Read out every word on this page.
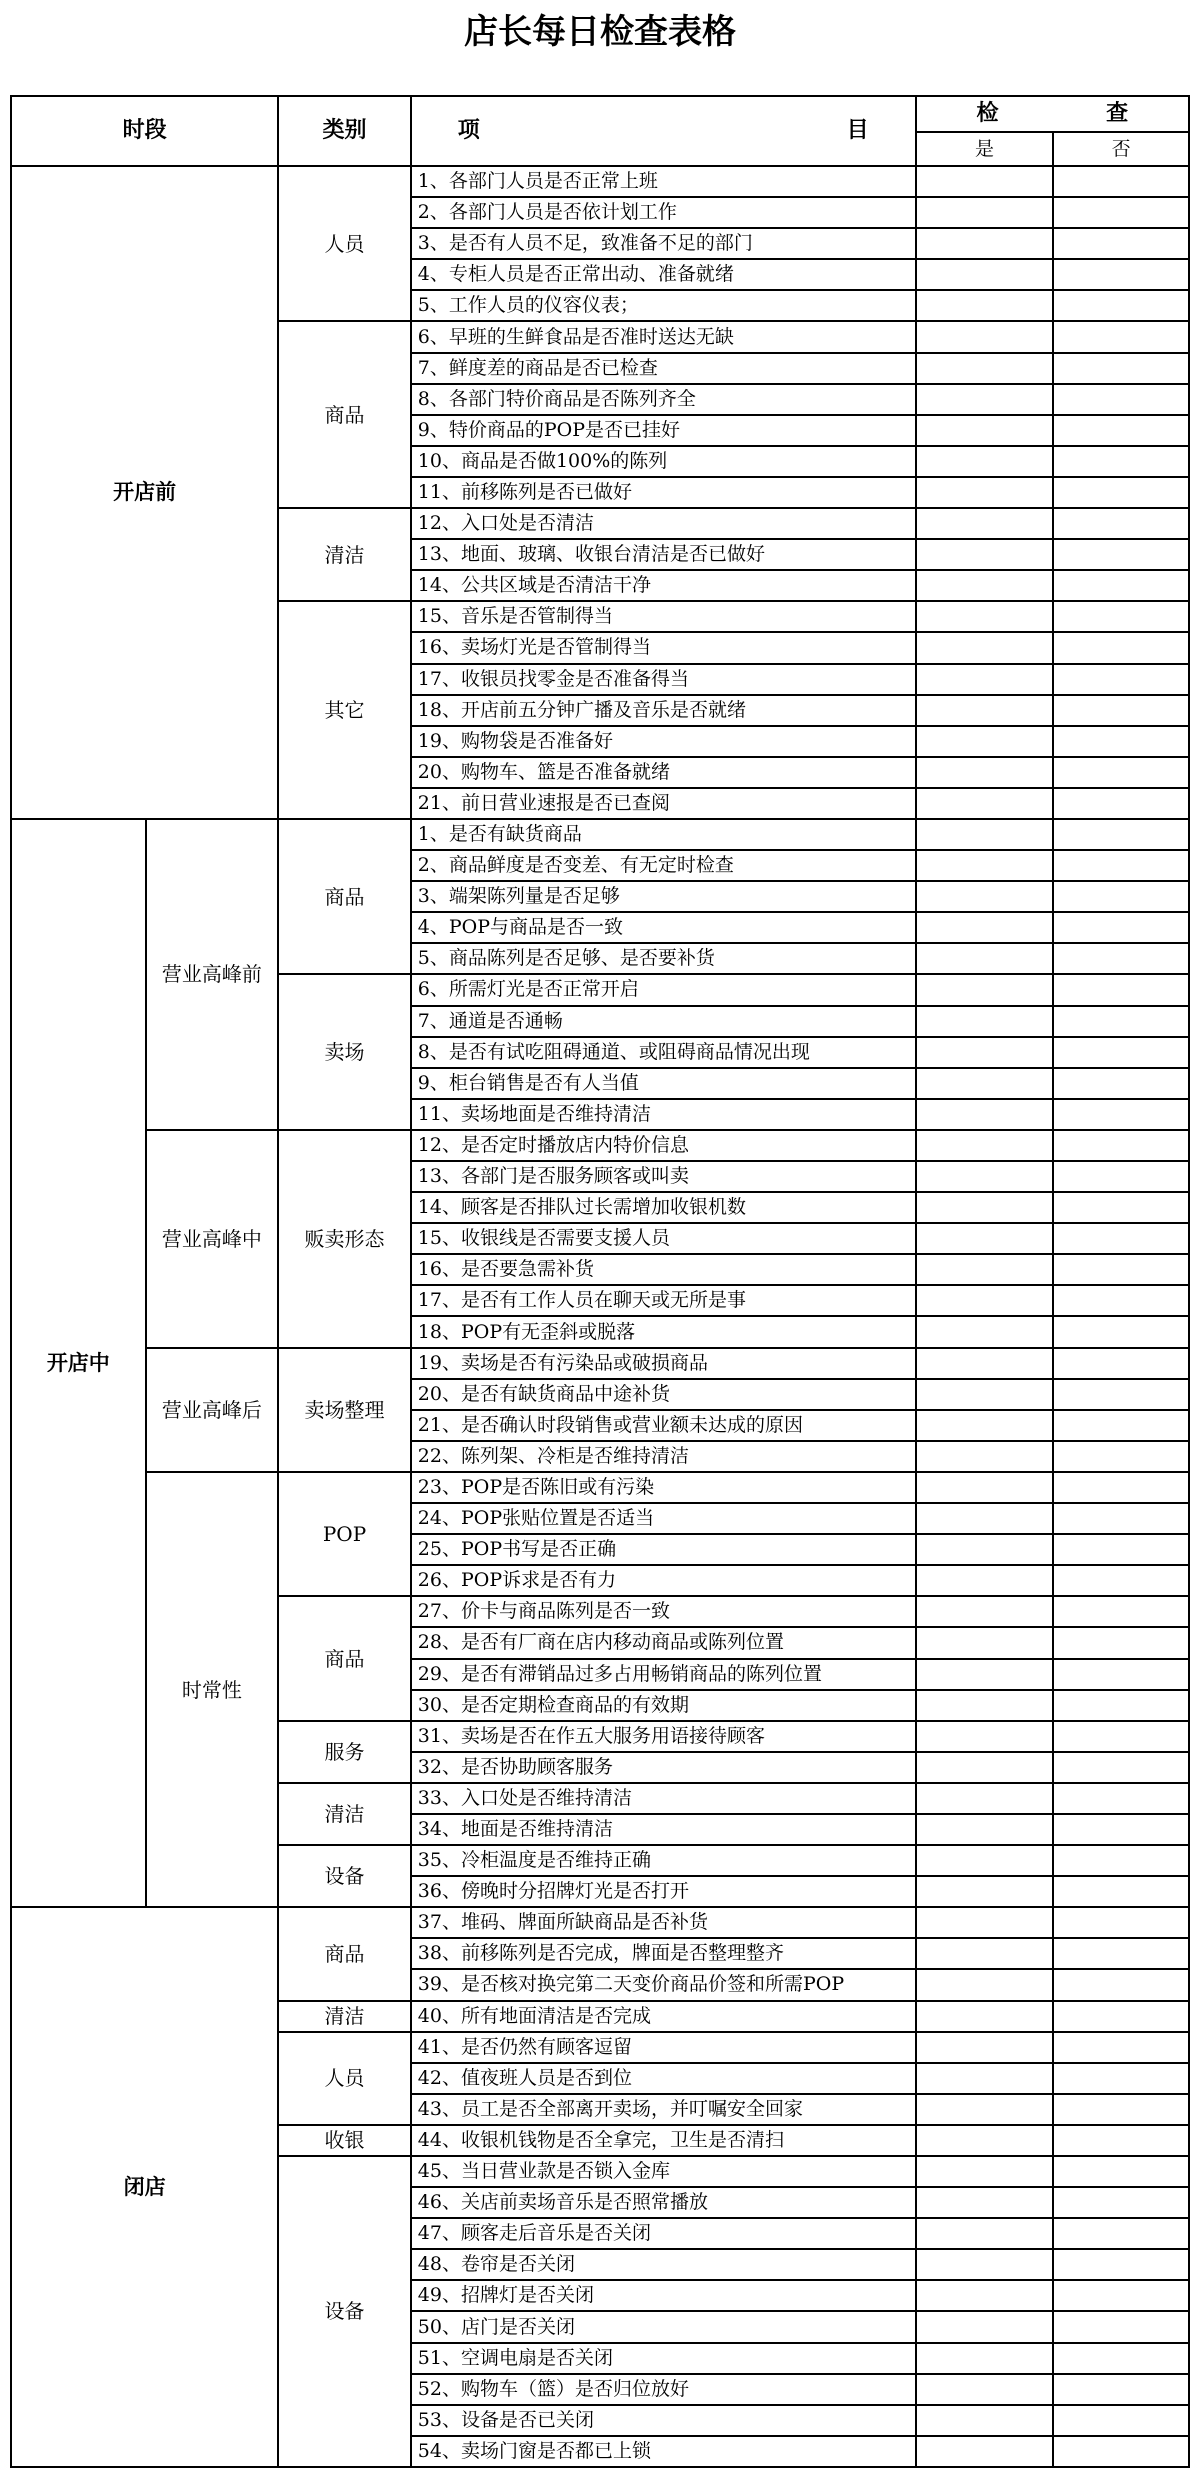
店长每日检查表格
时段		类别	项 目	检 查	

				是	否
开店前		人员	1、各部门人员是否正常上班		
			2、各部门人员是否依计划工作		
			3、是否有人员不足，致准备不足的部门		
			4、专柜人员是否正常出动、准备就绪		
			5、工作人员的仪容仪表；		
		商品	6、早班的生鲜食品是否准时送达无缺		
			7、鲜度差的商品是否已检查		
			8、各部门特价商品是否陈列齐全		
			9、特价商品的POP是否已挂好		
			10、商品是否做100%的陈列		
			11、前移陈列是否已做好		
		清洁	12、入口处是否清洁		
			13、地面、玻璃、收银台清洁是否已做好		
			14、公共区域是否清洁干净		
		其它	15、音乐是否管制得当		
			16、卖场灯光是否管制得当		
			17、收银员找零金是否准备得当		
			18、开店前五分钟广播及音乐是否就绪		
			19、购物袋是否准备好		
			20、购物车、篮是否准备就绪		
			21、前日营业速报是否已查阅		
开店中	营业高峰前	商品	1、是否有缺货商品		
			2、商品鲜度是否变差、有无定时检查		
			3、端架陈列量是否足够		
			4、POP与商品是否一致		
			5、商品陈列是否足够、是否要补货		
		卖场	6、所需灯光是否正常开启		
			7、通道是否通畅		
			8、是否有试吃阻碍通道、或阻碍商品情况出现		
			9、柜台销售是否有人当值		
			11、卖场地面是否维持清洁		
	营业高峰中	贩卖形态	12、是否定时播放店内特价信息		
			13、各部门是否服务顾客或叫卖		
			14、顾客是否排队过长需增加收银机数		
			15、收银线是否需要支援人员		
			16、是否要急需补货		
			17、是否有工作人员在聊天或无所是事		
			18、POP有无歪斜或脱落		
	营业高峰后	卖场整理	19、卖场是否有污染品或破损商品		
			20、是否有缺货商品中途补货		
			21、是否确认时段销售或营业额未达成的原因		
			22、陈列架、冷柜是否维持清洁		
	时常性	POP	23、POP是否陈旧或有污染		
			24、POP张贴位置是否适当		
			25、POP书写是否正确		
			26、POP诉求是否有力		
		商品	27、价卡与商品陈列是否一致		
			28、是否有厂商在店内移动商品或陈列位置		
			29、是否有滞销品过多占用畅销商品的陈列位置		
			30、是否定期检查商品的有效期		
		服务	31、卖场是否在作五大服务用语接待顾客		
			32、是否协助顾客服务		
		清洁	33、入口处是否维持清洁		
			34、地面是否维持清洁		
		设备	35、冷柜温度是否维持正确		
			36、傍晚时分招牌灯光是否打开		
闭店		商品	37、堆码、牌面所缺商品是否补货		
			38、前移陈列是否完成，牌面是否整理整齐		
			39、是否核对换完第二天变价商品价签和所需POP		
		清洁	40、所有地面清洁是否完成		
		人员	41、是否仍然有顾客逗留		
			42、值夜班人员是否到位		
			43、员工是否全部离开卖场，并叮嘱安全回家		
		收银	44、收银机钱物是否全拿完，卫生是否清扫		
		设备	45、当日营业款是否锁入金库		
			46、关店前卖场音乐是否照常播放		
			47、顾客走后音乐是否关闭		
			48、卷帘是否关闭		
			49、招牌灯是否关闭		
			50、店门是否关闭		
			51、空调电扇是否关闭		
			52、购物车（篮）是否归位放好		
			53、设备是否已关闭		
			54、卖场门窗是否都已上锁		
